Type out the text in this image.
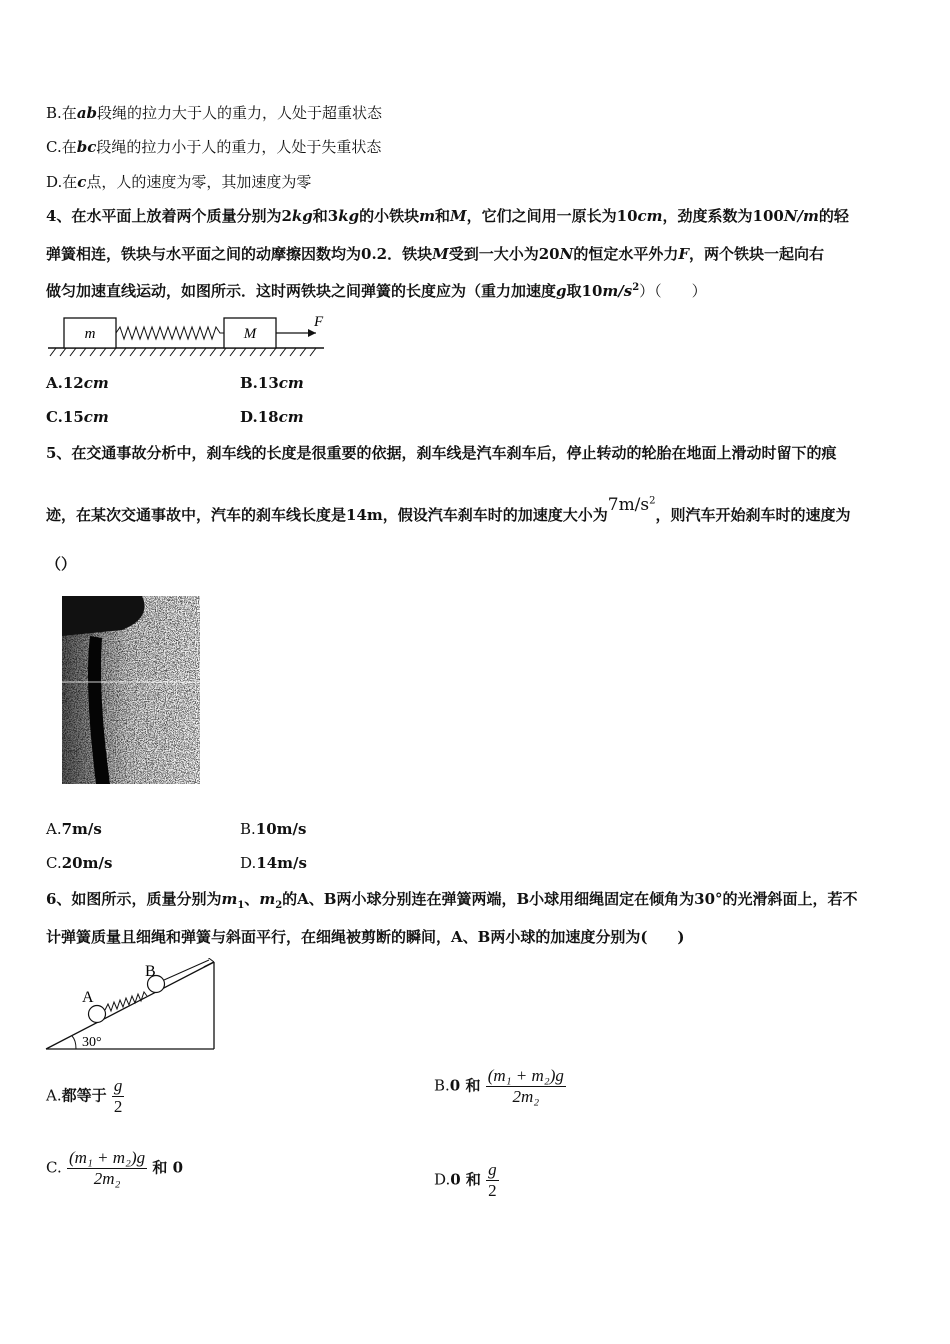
B.在ab段绳的拉力大于人的重力，人处于超重状态
C.在bc段绳的拉力小于人的重力，人处于失重状态
D.在c点，人的速度为零，其加速度为零
4、在水平面上放着两个质量分别为2kg和3kg的小铁块m和M，它们之间用一原长为10cm，劲度系数为100N/m的轻
弹簧相连，铁块与水平面之间的动摩擦因数均为0.2．铁块M受到一大小为20N的恒定水平外力F，两个铁块一起向右
做匀加速直线运动，如图所示．这时两铁块之间弹簧的长度应为（重力加速度g取$10m/s^2$）（　　）
m	M
F
A.12cm	B.13cm
C.15cm	D.18cm
5、在交通事故分析中，刹车线的长度是很重要的依据，刹车线是汽车刹车后，停止转动的轮胎在地面上滑动时留下的痕
迹，在某次交通事故中，汽车的刹车线长度是14m，假设汽车刹车时的加速度大小为$7m/s^2$，则汽车开始刹车时的速度为
（）
A.7m/s	B.10m/s
C.20m/s	D.14m/s
6、如图所示，质量分别为$m_1$、$m_2$的A、B两小球分别连在弹簧两端，B小球用细绳固定在倾角为30°的光滑斜面上，若不
计弹簧质量且细绳和弹簧与斜面平行，在细绳被剪断的瞬间，A、B两小球的加速度分别为(　　)
A
B
30°
A.都等于 $\frac{g}{2}$	B.0 和 $\frac{\text{(m₁ + m₂)g}}{\text{2m₂}}$
C. $\frac{\text{(m₁ + m₂)g}}{\text{2m₂}}$ 和 0
D.0 和 $\frac{g}{2}$
